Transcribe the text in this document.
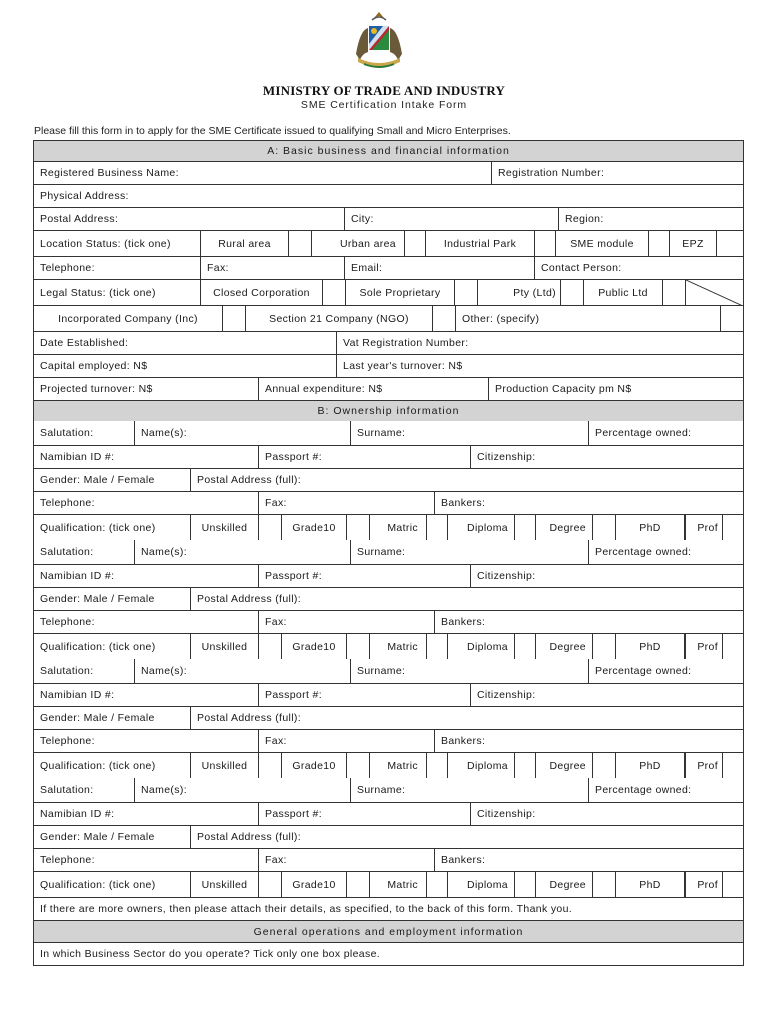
MINISTRY OF TRADE AND INDUSTRY
SME Certification Intake Form
Please fill this form in to apply for the SME Certificate issued to qualifying Small and Micro Enterprises.
A: Basic business and financial information
Registered Business Name:	Registration Number:
Physical Address:
Postal Address:	City:	Region:
Location Status: (tick one)	Rural area	Urban area	Industrial Park	SME module	EPZ
Telephone:	Fax:	Email:	Contact Person:
Legal Status: (tick one)	Closed Corporation	Sole Proprietary	Pty (Ltd)	Public Ltd
Incorporated Company (Inc)	Section 21 Company (NGO)	Other: (specify)
Date Established:	Vat Registration Number:
Capital employed: N$	Last year's turnover: N$
Projected turnover: N$	Annual expenditure: N$	Production Capacity pm N$
B: Ownership information
Salutation:	Name(s):	Surname:	Percentage owned:
Namibian ID #:	Passport #:	Citizenship:
Gender: Male / Female	Postal Address (full):
Telephone:	Fax:	Bankers:
Qualification: (tick one)	Unskilled	Grade10	Matric	Diploma	Degree	PhD	Prof
Salutation:	Name(s):	Surname:	Percentage owned:
Namibian ID #:	Passport #:	Citizenship:
Gender: Male / Female	Postal Address (full):
Telephone:	Fax:	Bankers:
Qualification: (tick one)	Unskilled	Grade10	Matric	Diploma	Degree	PhD	Prof
Salutation:	Name(s):	Surname:	Percentage owned:
Namibian ID #:	Passport #:	Citizenship:
Gender: Male / Female	Postal Address (full):
Telephone:	Fax:	Bankers:
Qualification: (tick one)	Unskilled	Grade10	Matric	Diploma	Degree	PhD	Prof
Salutation:	Name(s):	Surname:	Percentage owned:
Namibian ID #:	Passport #:	Citizenship:
Gender: Male / Female	Postal Address (full):
Telephone:	Fax:	Bankers:
Qualification: (tick one)	Unskilled	Grade10	Matric	Diploma	Degree	PhD	Prof
If there are more owners, then please attach their details, as specified, to the back of this form. Thank you.
General operations and employment information
In which Business Sector do you operate? Tick only one box please.
